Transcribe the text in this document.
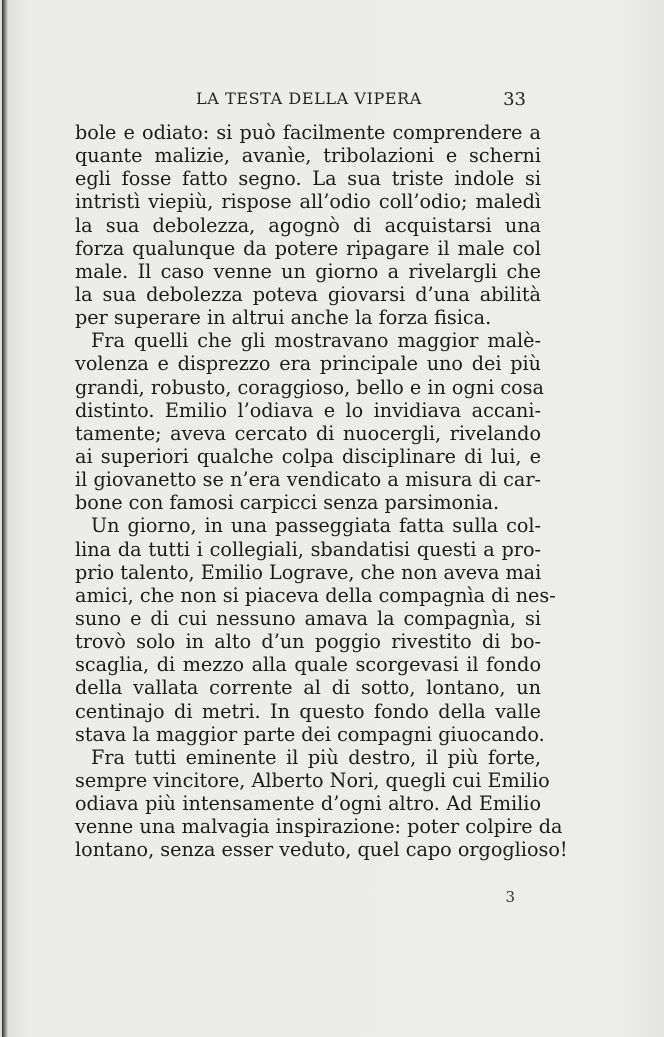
LA TESTA DELLA VIPERA	33
bole e odiato: si può facilmente comprendere a
quante malizie, avanìe, tribolazioni e scherni
egli fosse fatto segno. La sua triste indole si
intristì viepiù, rispose all’odio coll’odio; maledì
la sua debolezza, agognò di acquistarsi una
forza qualunque da potere ripagare il male col
male. Il caso venne un giorno a rivelargli che
la sua debolezza poteva giovarsi d’una abilità
per superare in altrui anche la forza fisica.
Fra quelli che gli mostravano maggior malè-
volenza e disprezzo era principale uno dei più
grandi, robusto, coraggioso, bello e in ogni cosa
distinto. Emilio l’odiava e lo invidiava accani-
tamente; aveva cercato di nuocergli, rivelando
ai superiori qualche colpa disciplinare di lui, e
il giovanetto se n’era vendicato a misura di car-
bone con famosi carpicci senza parsimonia.
Un giorno, in una passeggiata fatta sulla col-
lina da tutti i collegiali, sbandatisi questi a pro-
prio talento, Emilio Lograve, che non aveva mai
amici, che non si piaceva della compagnìa di nes-
suno e di cui nessuno amava la compagnìa, si
trovò solo in alto d’un poggio rivestito di bo-
scaglia, di mezzo alla quale scorgevasi il fondo
della vallata corrente al di sotto, lontano, un
centinajo di metri. In questo fondo della valle
stava la maggior parte dei compagni giuocando.
Fra tutti eminente il più destro, il più forte,
sempre vincitore, Alberto Nori, quegli cui Emilio
odiava più intensamente d’ogni altro. Ad Emilio
venne una malvagia inspirazione: poter colpire da
lontano, senza esser veduto, quel capo orgoglioso!
3
